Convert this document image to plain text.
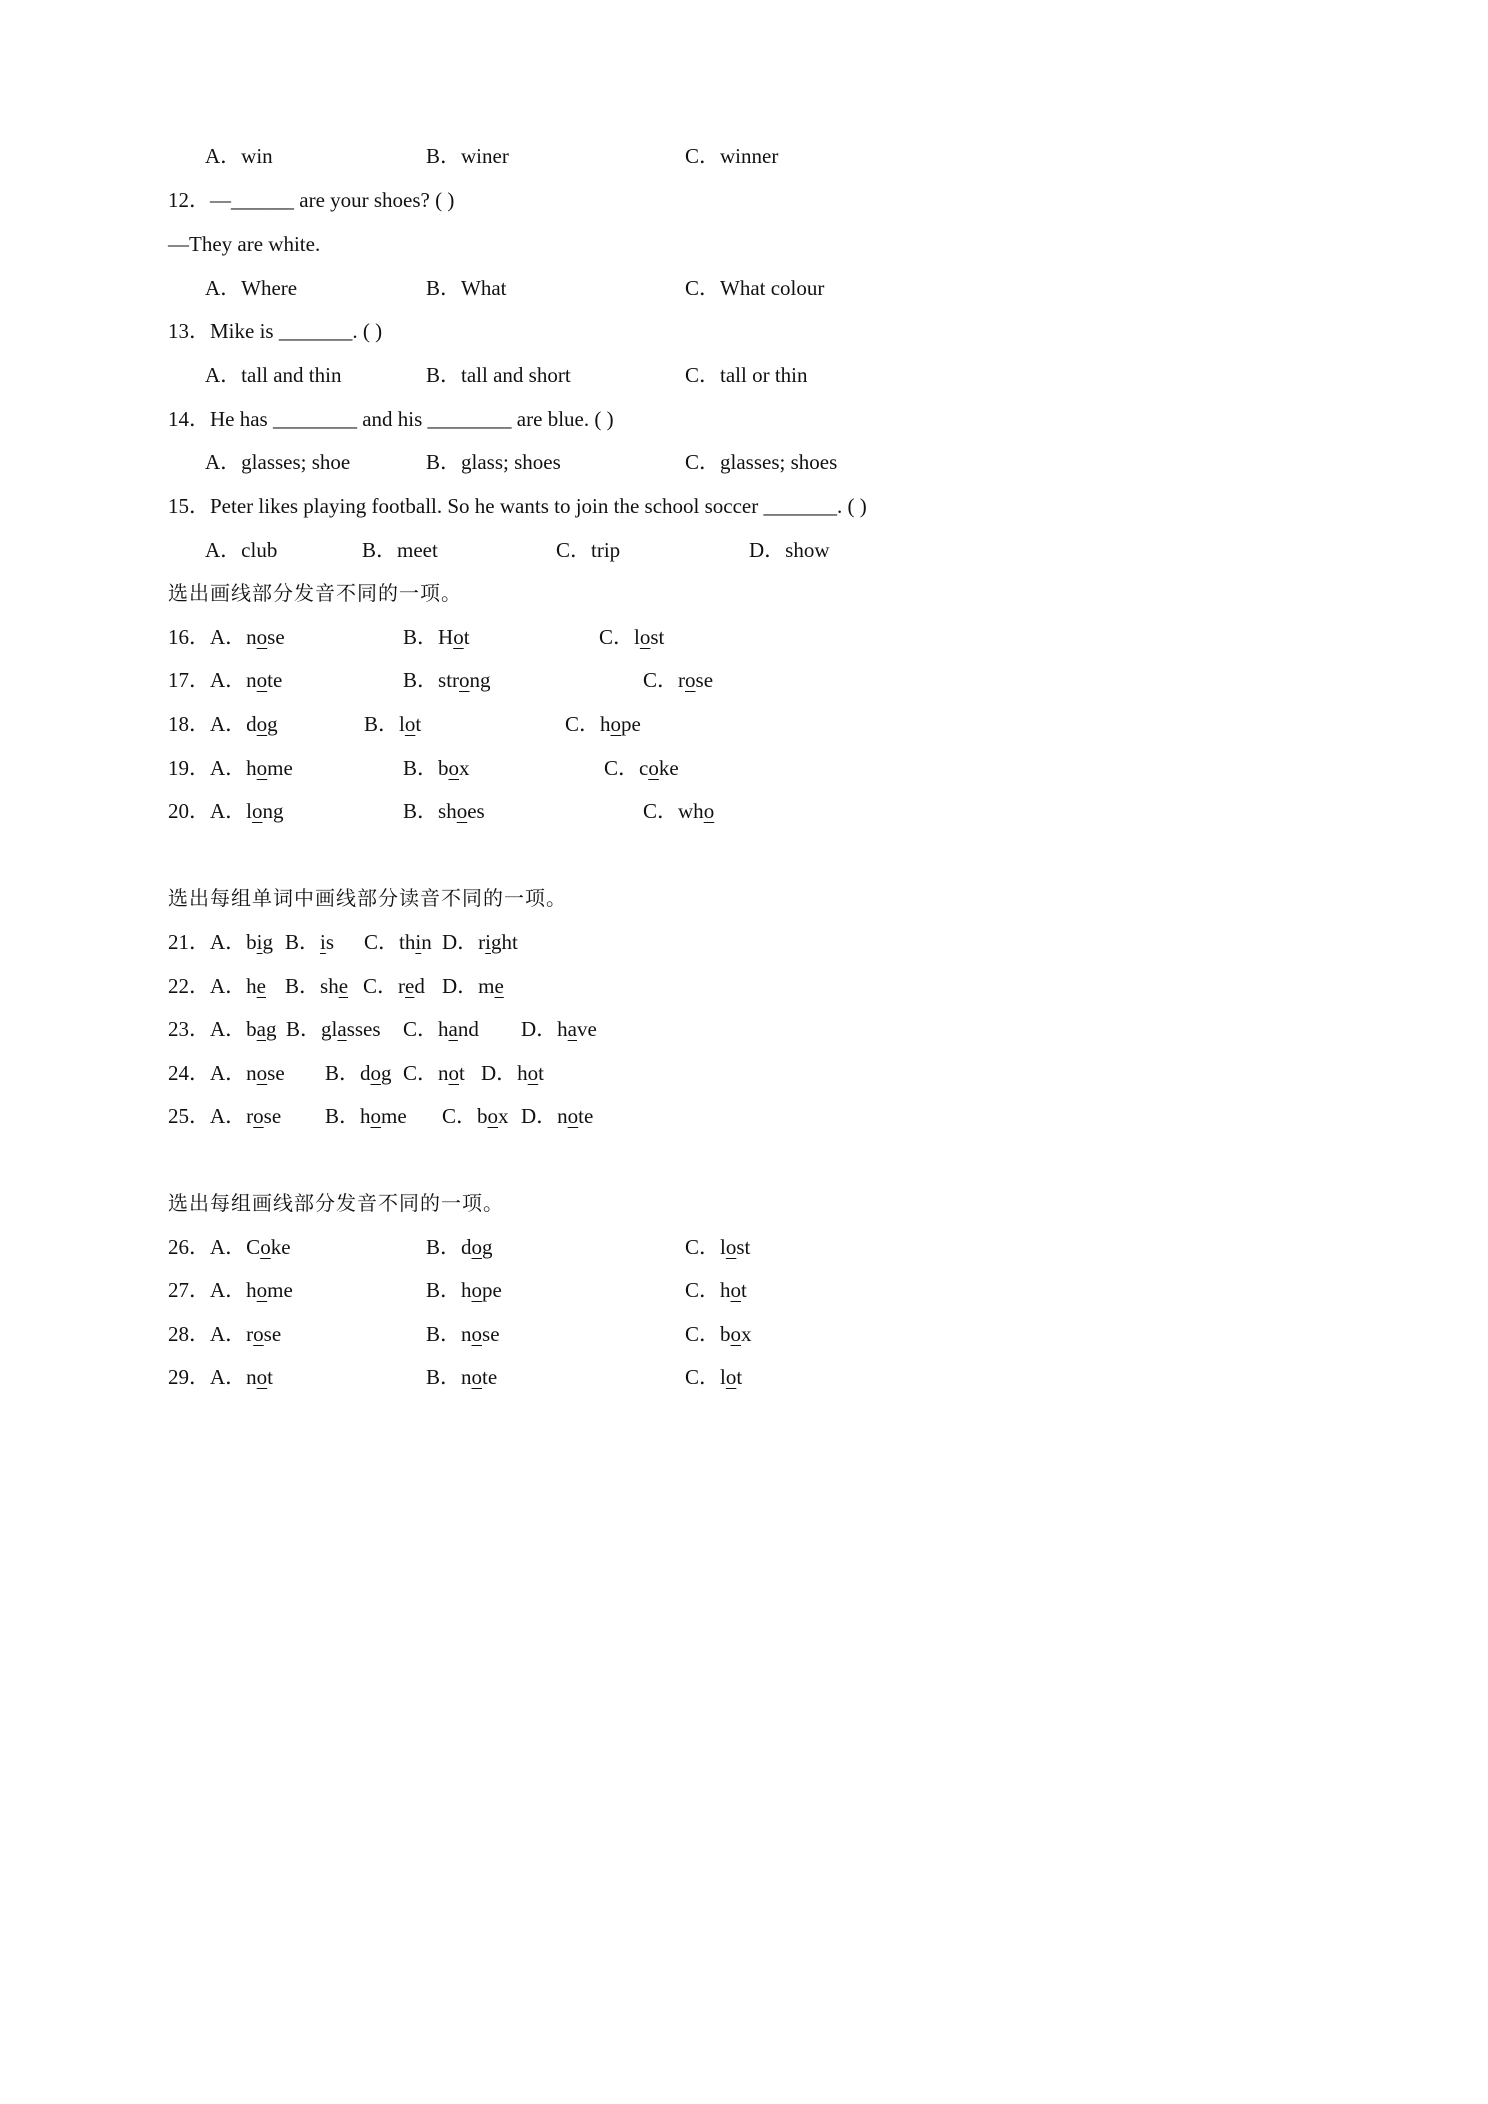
A．win	B．winer	C．winner
12．—______ are your shoes? ( )
—They are white.
A．Where	B．What	C．What colour
13．Mike is _______. ( )
A．tall and thin	B．tall and short	C．tall or thin
14．He has ________ and his ________ are blue. ( )
A．glasses; shoe	B．glass; shoes	C．glasses; shoes
15．Peter likes playing football. So he wants to join the school soccer _______. ( )
A．club	B．meet	C．trip	D．show
选出画线部分发音不同的一项。
16．A．nose	B．Hot	C．lost
17．A．note	B．strong	C．rose
18．A．dog	B．lot	C．hope
19．A．home	B．box	C．coke
20．A．long	B．shoes	C．who
选出每组单词中画线部分读音不同的一项。
21．A．big B．is C．thin D．right
22．A．he B．she C．red D．me
23．A．bag B．glasses C．hand D．have
24．A．nose B．dog C．not D．hot
25．A．rose B．home C．box D．note
选出每组画线部分发音不同的一项。
26．A．Coke	B．dog	C．lost
27．A．home	B．hope	C．hot
28．A．rose	B．nose	C．box
29．A．not	B．note	C．lot
